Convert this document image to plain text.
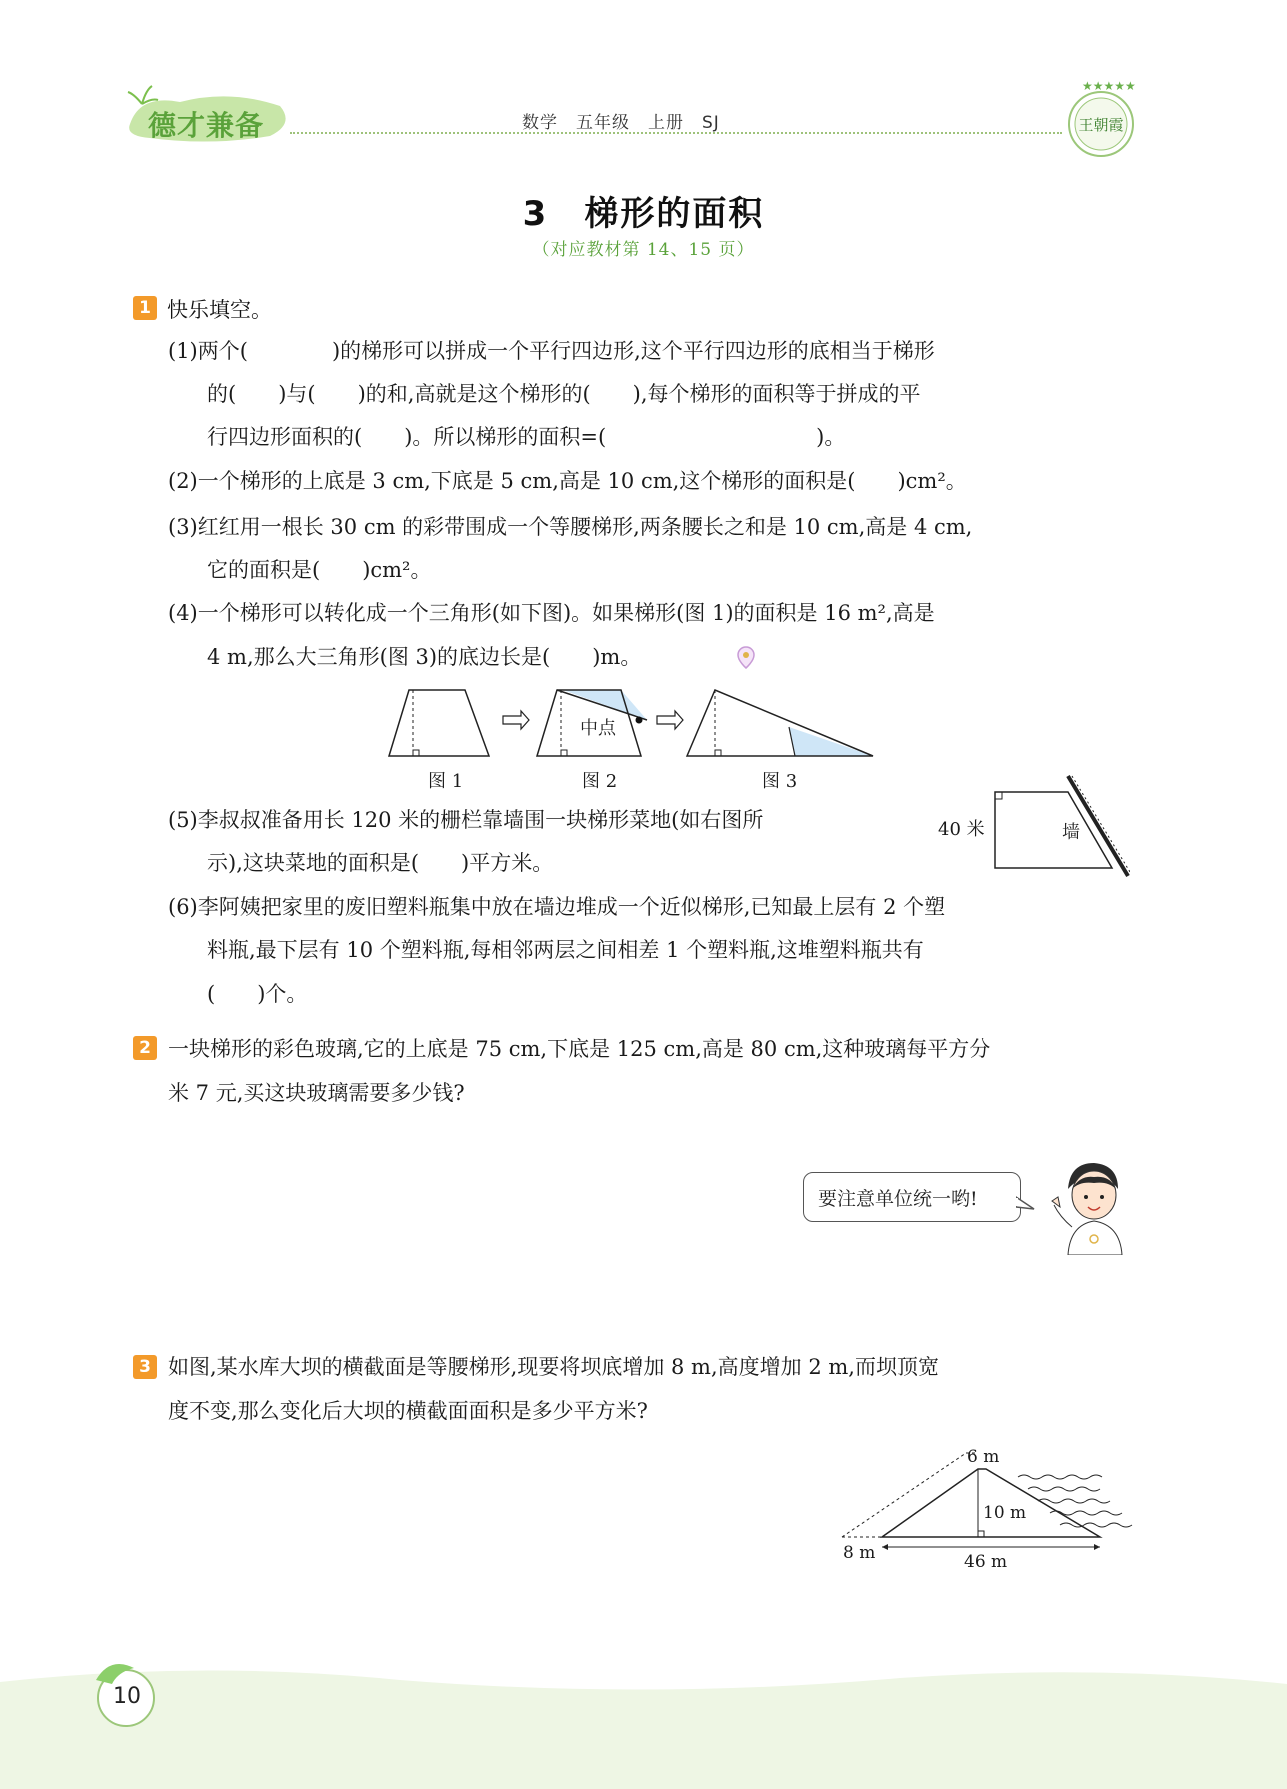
德才兼备	数学　五年级　上册　SJ
★★★★★
王朝霞
3　梯形的面积
（对应教材第 14、15 页）
1 快乐填空。
(1)两个(　　　　)的梯形可以拼成一个平行四边形,这个平行四边形的底相当于梯形
的(　　)与(　　)的和,高就是这个梯形的(　　),每个梯形的面积等于拼成的平
行四边形面积的(　　)。所以梯形的面积=(　　　　　　　　　　)。
(2)一个梯形的上底是 3 cm,下底是 5 cm,高是 10 cm,这个梯形的面积是(　　)cm²。
(3)红红用一根长 30 cm 的彩带围成一个等腰梯形,两条腰长之和是 10 cm,高是 4 cm,
它的面积是(　　)cm²。
(4)一个梯形可以转化成一个三角形(如下图)。如果梯形(图 1)的面积是 16 m²,高是
4 m,那么大三角形(图 3)的底边长是(　　)m。
中点
图 1	图 2	图 3
(5)李叔叔准备用长 120 米的栅栏靠墙围一块梯形菜地(如右图所
示),这块菜地的面积是(　　)平方米。
墙
40 米
(6)李阿姨把家里的废旧塑料瓶集中放在墙边堆成一个近似梯形,已知最上层有 2 个塑
料瓶,最下层有 10 个塑料瓶,每相邻两层之间相差 1 个塑料瓶,这堆塑料瓶共有
(　　)个。
2 一块梯形的彩色玻璃,它的上底是 75 cm,下底是 125 cm,高是 80 cm,这种玻璃每平方分
米 7 元,买这块玻璃需要多少钱?
要注意单位统一哟!
3 如图,某水库大坝的横截面是等腰梯形,现要将坝底增加 8 m,高度增加 2 m,而坝顶宽
度不变,那么变化后大坝的横截面面积是多少平方米?
6 m
10 m
8 m	46 m
10
